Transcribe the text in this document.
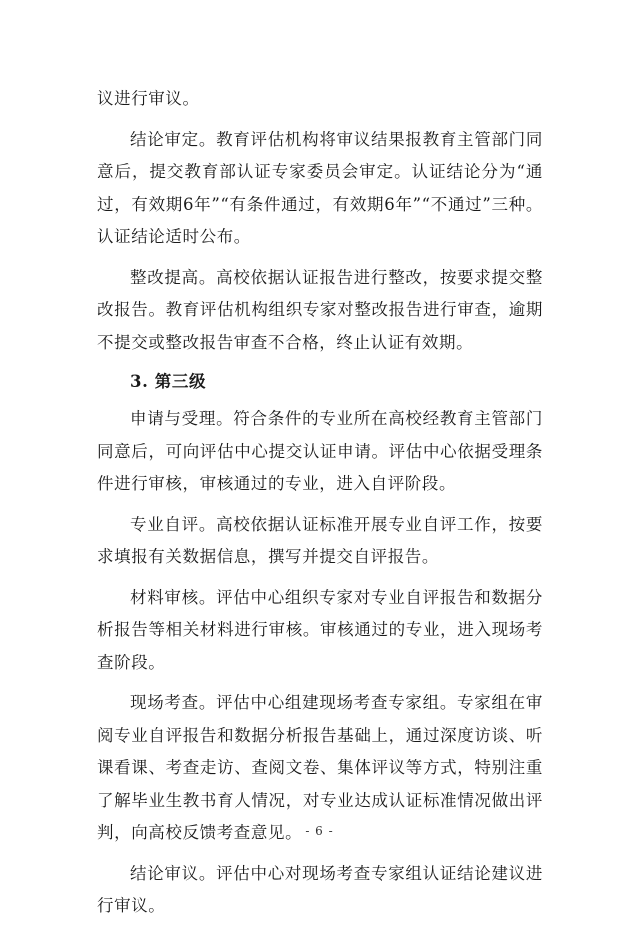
议进行审议。

结论审定。教育评估机构将审议结果报教育主管部门同意后，提交教育部认证专家委员会审定。认证结论分为“通过，有效期6年”“有条件通过，有效期6年”“不通过”三种。认证结论适时公布。

整改提高。高校依据认证报告进行整改，按要求提交整改报告。教育评估机构组织专家对整改报告进行审查，逾期不提交或整改报告审查不合格，终止认证有效期。

3. 第三级

申请与受理。符合条件的专业所在高校经教育主管部门同意后，可向评估中心提交认证申请。评估中心依据受理条件进行审核，审核通过的专业，进入自评阶段。

专业自评。高校依据认证标准开展专业自评工作，按要求填报有关数据信息，撰写并提交自评报告。

材料审核。评估中心组织专家对专业自评报告和数据分析报告等相关材料进行审核。审核通过的专业，进入现场考查阶段。

现场考查。评估中心组建现场考查专家组。专家组在审阅专业自评报告和数据分析报告基础上，通过深度访谈、听课看课、考查走访、查阅文卷、集体评议等方式，特别注重了解毕业生教书育人情况，对专业达成认证标准情况做出评判，向高校反馈考查意见。

结论审议。评估中心对现场考查专家组认证结论建议进行审议。

- 6 -
